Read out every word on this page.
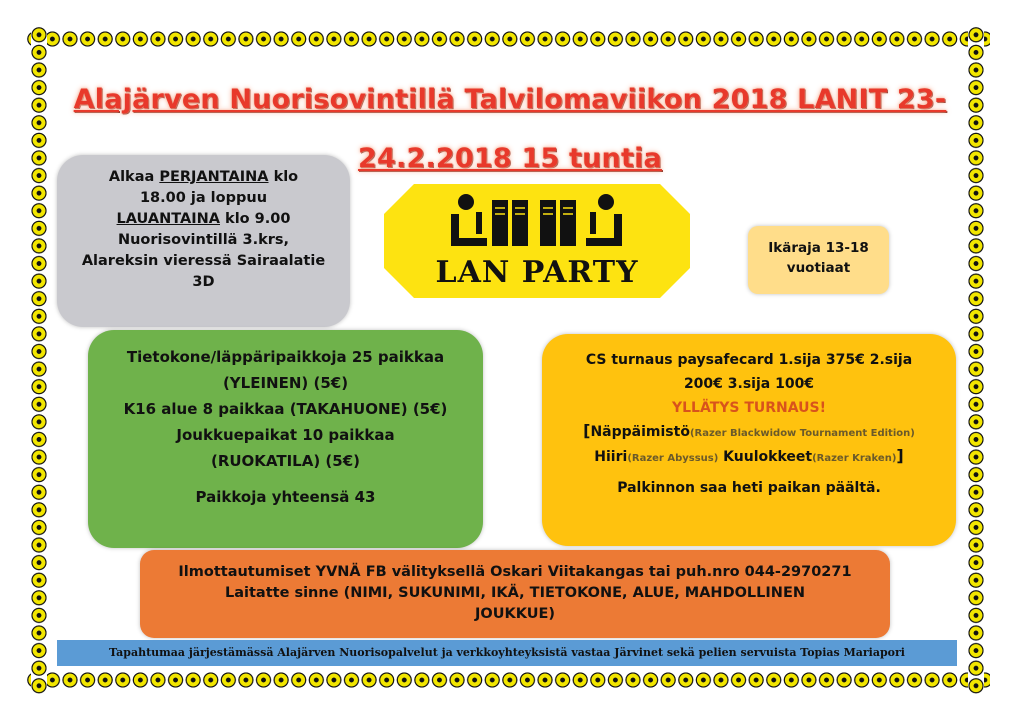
Alajärven Nuorisovintillä Talvilomaviikon 2018 LANIT 23-
24.2.2018 15 tuntia

Alkaa PERJANTAINA klo

18.00 ja loppuu

LAUANTAINA klo 9.00

Nuorisovintillä 3.krs,

Alareksin vieressä Sairaalatie

3D	LAN PARTY

Ikäraja 13-18

vuotiaat

Tietokone/läppäripaikkoja 25 paikkaa

(YLEINEN) (5€)

K16 alue 8 paikkaa (TAKAHUONE) (5€)

Joukkuepaikat 10 paikkaa

(RUOKATILA) (5€)

Paikkoja yhteensä 43

CS turnaus paysafecard 1.sija 375€ 2.sija

200€ 3.sija 100€

YLLÄTYS TURNAUS!

[Näppäimistö(Razer Blackwidow Tournament Edition) Hiiri(Razer Abyssus) Kuulokkeet(Razer Kraken)]

Palkinnon saa heti paikan päältä.

Ilmottautumiset YVNÄ FB välityksellä Oskari Viitakangas tai puh.nro 044-2970271

Laitatte sinne (NIMI, SUKUNIMI, IKÄ, TIETOKONE, ALUE, MAHDOLLINEN

JOUKKUE)

Tapahtumaa järjestämässä Alajärven Nuorisopalvelut ja verkkoyhteyksistä vastaa Järvinet sekä pelien servuista Topias Mariapori
